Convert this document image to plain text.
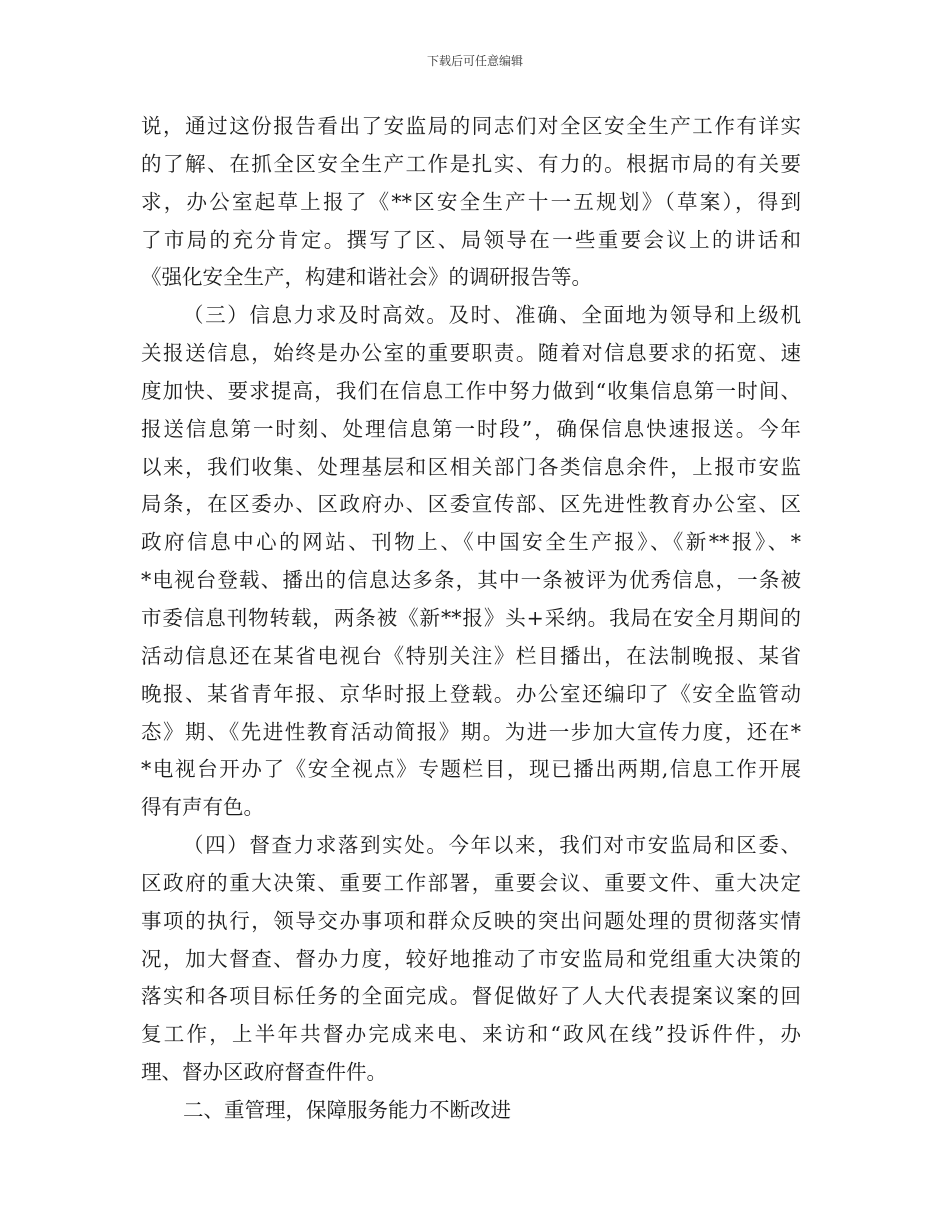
下载后可任意编辑
说，通过这份报告看出了安监局的同志们对全区安全生产工作有详实
的了解、在抓全区安全生产工作是扎实、有力的。根据市局的有关要
求，办公室起草上报了《**区安全生产十一五规划》（草案），得到
了市局的充分肯定。撰写了区、局领导在一些重要会议上的讲话和
《强化安全生产，构建和谐社会》的调研报告等。
（三）信息力求及时高效。及时、准确、全面地为领导和上级机
关报送信息，始终是办公室的重要职责。随着对信息要求的拓宽、速
度加快、要求提高，我们在信息工作中努力做到“收集信息第一时间、
报送信息第一时刻、处理信息第一时段”，确保信息快速报送。今年
以来，我们收集、处理基层和区相关部门各类信息余件，上报市安监
局条，在区委办、区政府办、区委宣传部、区先进性教育办公室、区
政府信息中心的网站、刊物上、《中国安全生产报》、《新**报》、*
*电视台登载、播出的信息达多条，其中一条被评为优秀信息，一条被
市委信息刊物转载，两条被《新**报》头+采纳。我局在安全月期间的
活动信息还在某省电视台《特别关注》栏目播出，在法制晚报、某省
晚报、某省青年报、京华时报上登载。办公室还编印了《安全监管动
态》期、《先进性教育活动简报》期。为进一步加大宣传力度，还在*
*电视台开办了《安全视点》专题栏目，现已播出两期,信息工作开展
得有声有色。
（四）督查力求落到实处。今年以来，我们对市安监局和区委、
区政府的重大决策、重要工作部署，重要会议、重要文件、重大决定
事项的执行，领导交办事项和群众反映的突出问题处理的贯彻落实情
况，加大督查、督办力度，较好地推动了市安监局和党组重大决策的
落实和各项目标任务的全面完成。督促做好了人大代表提案议案的回
复工作，上半年共督办完成来电、来访和“政风在线”投诉件件，办
理、督办区政府督查件件。
二、重管理，保障服务能力不断改进
